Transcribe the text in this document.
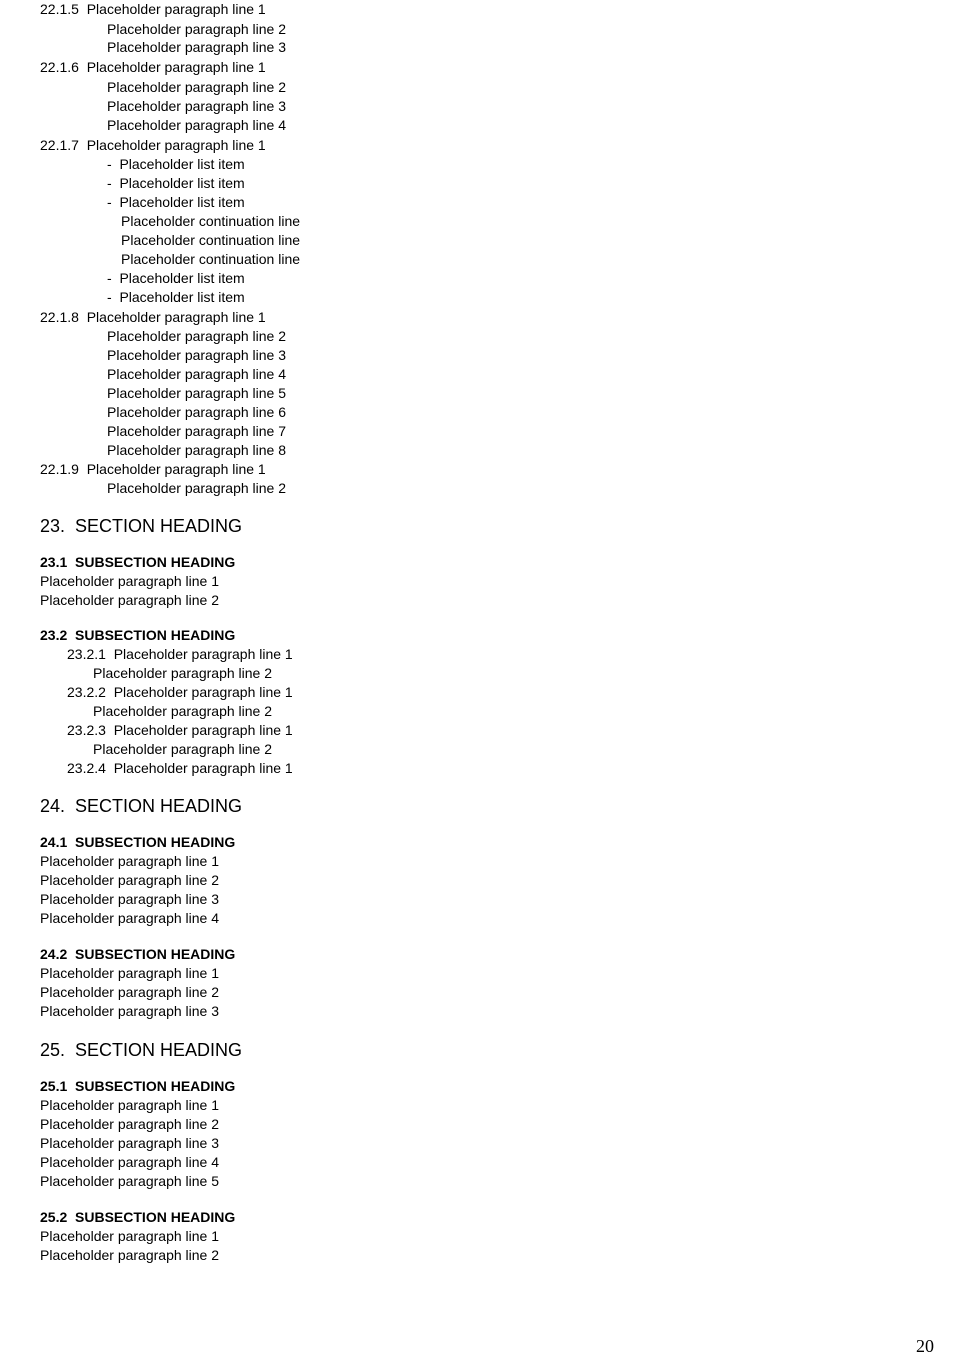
22.1.5  Placeholder paragraph line 1
Placeholder paragraph line 2
Placeholder paragraph line 3
22.1.6  Placeholder paragraph line 1
Placeholder paragraph line 2
Placeholder paragraph line 3
Placeholder paragraph line 4
22.1.7  Placeholder paragraph line 1
-  Placeholder list item
-  Placeholder list item
-  Placeholder list item
Placeholder continuation line
Placeholder continuation line
Placeholder continuation line
-  Placeholder list item
-  Placeholder list item
22.1.8  Placeholder paragraph line 1
Placeholder paragraph line 2
Placeholder paragraph line 3
Placeholder paragraph line 4
Placeholder paragraph line 5
Placeholder paragraph line 6
Placeholder paragraph line 7
Placeholder paragraph line 8
22.1.9  Placeholder paragraph line 1
Placeholder paragraph line 2
23.  SECTION HEADING
23.1  SUBSECTION HEADING
Placeholder paragraph line 1
Placeholder paragraph line 2
23.2  SUBSECTION HEADING
23.2.1  Placeholder paragraph line 1
Placeholder paragraph line 2
23.2.2  Placeholder paragraph line 1
Placeholder paragraph line 2
23.2.3  Placeholder paragraph line 1
Placeholder paragraph line 2
23.2.4  Placeholder paragraph line 1
24.  SECTION HEADING
24.1  SUBSECTION HEADING
Placeholder paragraph line 1
Placeholder paragraph line 2
Placeholder paragraph line 3
Placeholder paragraph line 4
24.2  SUBSECTION HEADING
Placeholder paragraph line 1
Placeholder paragraph line 2
Placeholder paragraph line 3
25.  SECTION HEADING
25.1  SUBSECTION HEADING
Placeholder paragraph line 1
Placeholder paragraph line 2
Placeholder paragraph line 3
Placeholder paragraph line 4
Placeholder paragraph line 5
25.2  SUBSECTION HEADING
Placeholder paragraph line 1
Placeholder paragraph line 2
20
